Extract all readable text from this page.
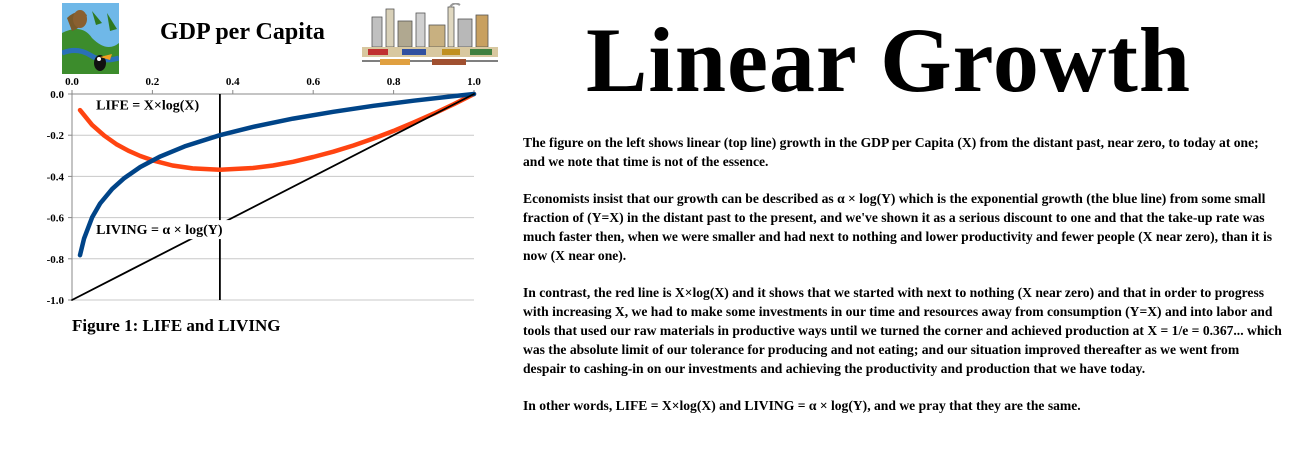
GDP per Capita
0.0
-0.2
-0.4
-0.6
-0.8
-1.0
0.0	0.2	0.4	0.6	0.8	1.0
LIFE = X×log(X)
LIVING = α × log(Y)
Figure 1: LIFE and LIVING
Linear Growth

The figure on the left shows linear (top line) growth in the GDP per Capita (X) from the distant past, near zero, to today at one; and we note that time is not of the essence.

Economists insist that our growth can be described as α × log(Y) which is the exponential growth (the blue line) from some small fraction of (Y=X) in the distant past to the present, and we've shown it as a serious discount to one and that the take-up rate was much faster then, when we were smaller and had next to nothing and lower productivity and fewer people (X near zero), than it is now (X near one).

In contrast, the red line is X×log(X) and it shows that we started with next to nothing (X near zero) and that in order to progress with increasing X, we had to make some investments in our time and resources away from consumption (Y=X) and into labor and tools that used our raw materials in productive ways until we turned the corner and achieved production at X = 1/e = 0.367... which was the absolute limit of our tolerance for producing and not eating; and our situation improved thereafter as we went from despair to cashing-in on our investments and achieving the productivity and production that we have today.

In other words, LIFE = X×log(X) and LIVING = α × log(Y), and we pray that they are the same.
